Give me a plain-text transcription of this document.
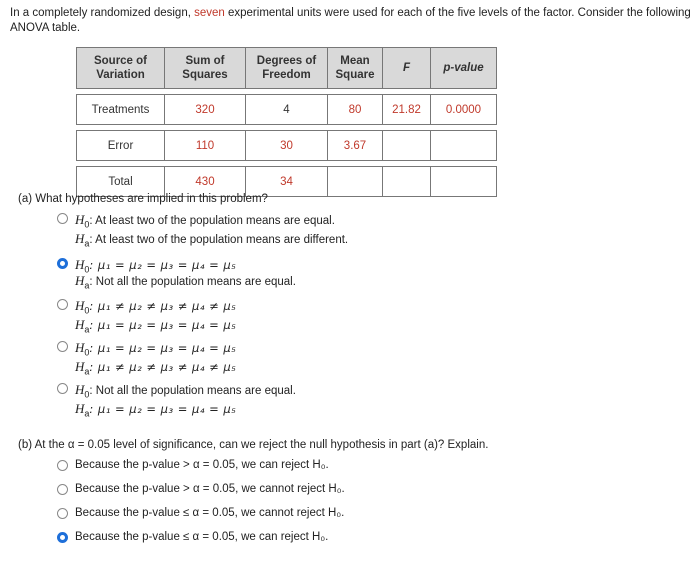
In a completely randomized design, seven experimental units were used for each of the five levels of the factor. Consider the following ANOVA table.
Source of Variation	Sum of Squares	Degrees of Freedom	Mean Square	F	p-value

Treatments	320	4	80	21.82	0.0000

Error	110	30	3.67		

Total	430	34			
(a) What hypotheses are implied in this problem?
$H_0$: At least two of the population means are equal.
$H_a$: At least two of the population means are different.
$H_0$: μ₁ = μ₂ = μ₃ = μ₄ = μ₅
$H_a$: Not all the population means are equal.
$H_0$: μ₁ ≠ μ₂ ≠ μ₃ ≠ μ₄ ≠ μ₅
$H_a$: μ₁ = μ₂ = μ₃ = μ₄ = μ₅
$H_0$: μ₁ = μ₂ = μ₃ = μ₄ = μ₅
$H_a$: μ₁ ≠ μ₂ ≠ μ₃ ≠ μ₄ ≠ μ₅
$H_0$: Not all the population means are equal.
$H_a$: μ₁ = μ₂ = μ₃ = μ₄ = μ₅
(b) At the α = 0.05 level of significance, can we reject the null hypothesis in part (a)? Explain.
Because the p-value > α = 0.05, we can reject H₀.
Because the p-value > α = 0.05, we cannot reject H₀.
Because the p-value ≤ α = 0.05, we cannot reject H₀.
Because the p-value ≤ α = 0.05, we can reject H₀.
